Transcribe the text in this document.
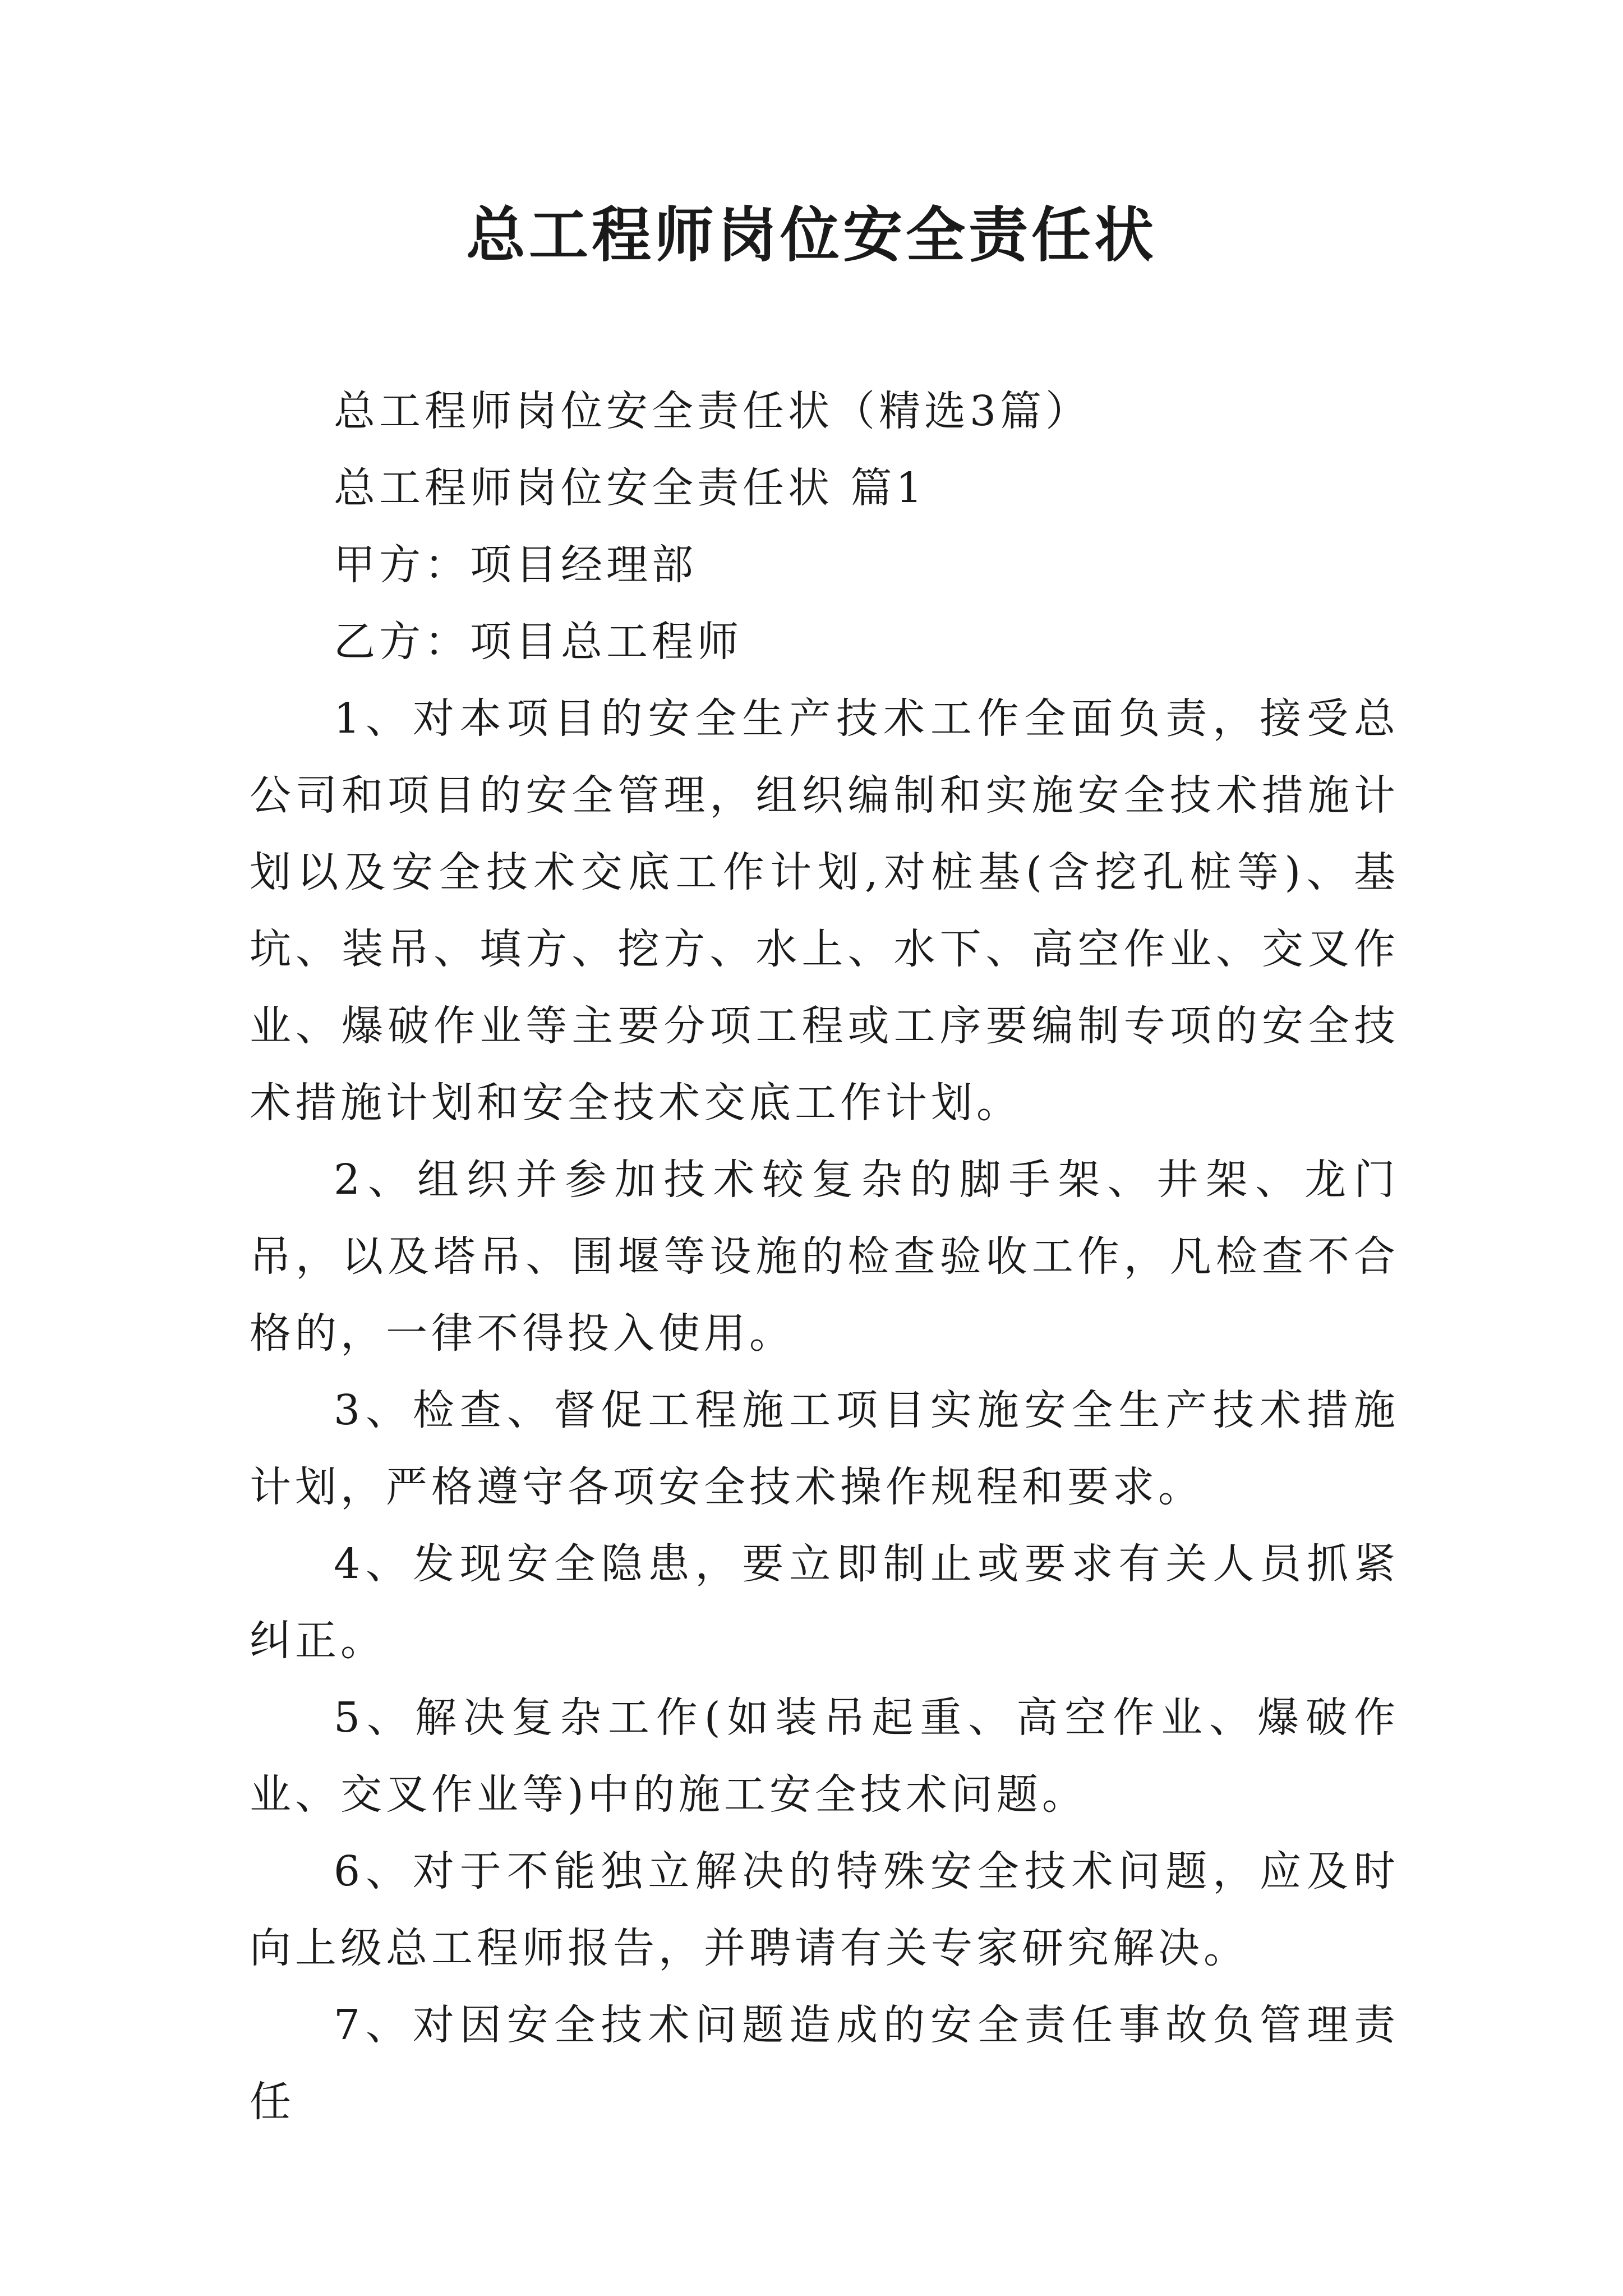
总工程师岗位安全责任状

总工程师岗位安全责任状（精选3篇）

总工程师岗位安全责任状 篇1

甲方：项目经理部

乙方：项目总工程师

1、对本项目的安全生产技术工作全面负责，接受总公司和项目的安全管理，组织编制和实施安全技术措施计划以及安全技术交底工作计划,对桩基(含挖孔桩等)、基坑、装吊、填方、挖方、水上、水下、高空作业、交叉作业、爆破作业等主要分项工程或工序要编制专项的安全技术措施计划和安全技术交底工作计划。

2、组织并参加技术较复杂的脚手架、井架、龙门吊，以及塔吊、围堰等设施的检查验收工作，凡检查不合格的，一律不得投入使用。

3、检查、督促工程施工项目实施安全生产技术措施计划，严格遵守各项安全技术操作规程和要求。

4、发现安全隐患，要立即制止或要求有关人员抓紧纠正。

5、解决复杂工作(如装吊起重、高空作业、爆破作业、交叉作业等)中的施工安全技术问题。

6、对于不能独立解决的特殊安全技术问题，应及时向上级总工程师报告，并聘请有关专家研究解决。

7、对因安全技术问题造成的安全责任事故负管理责任
